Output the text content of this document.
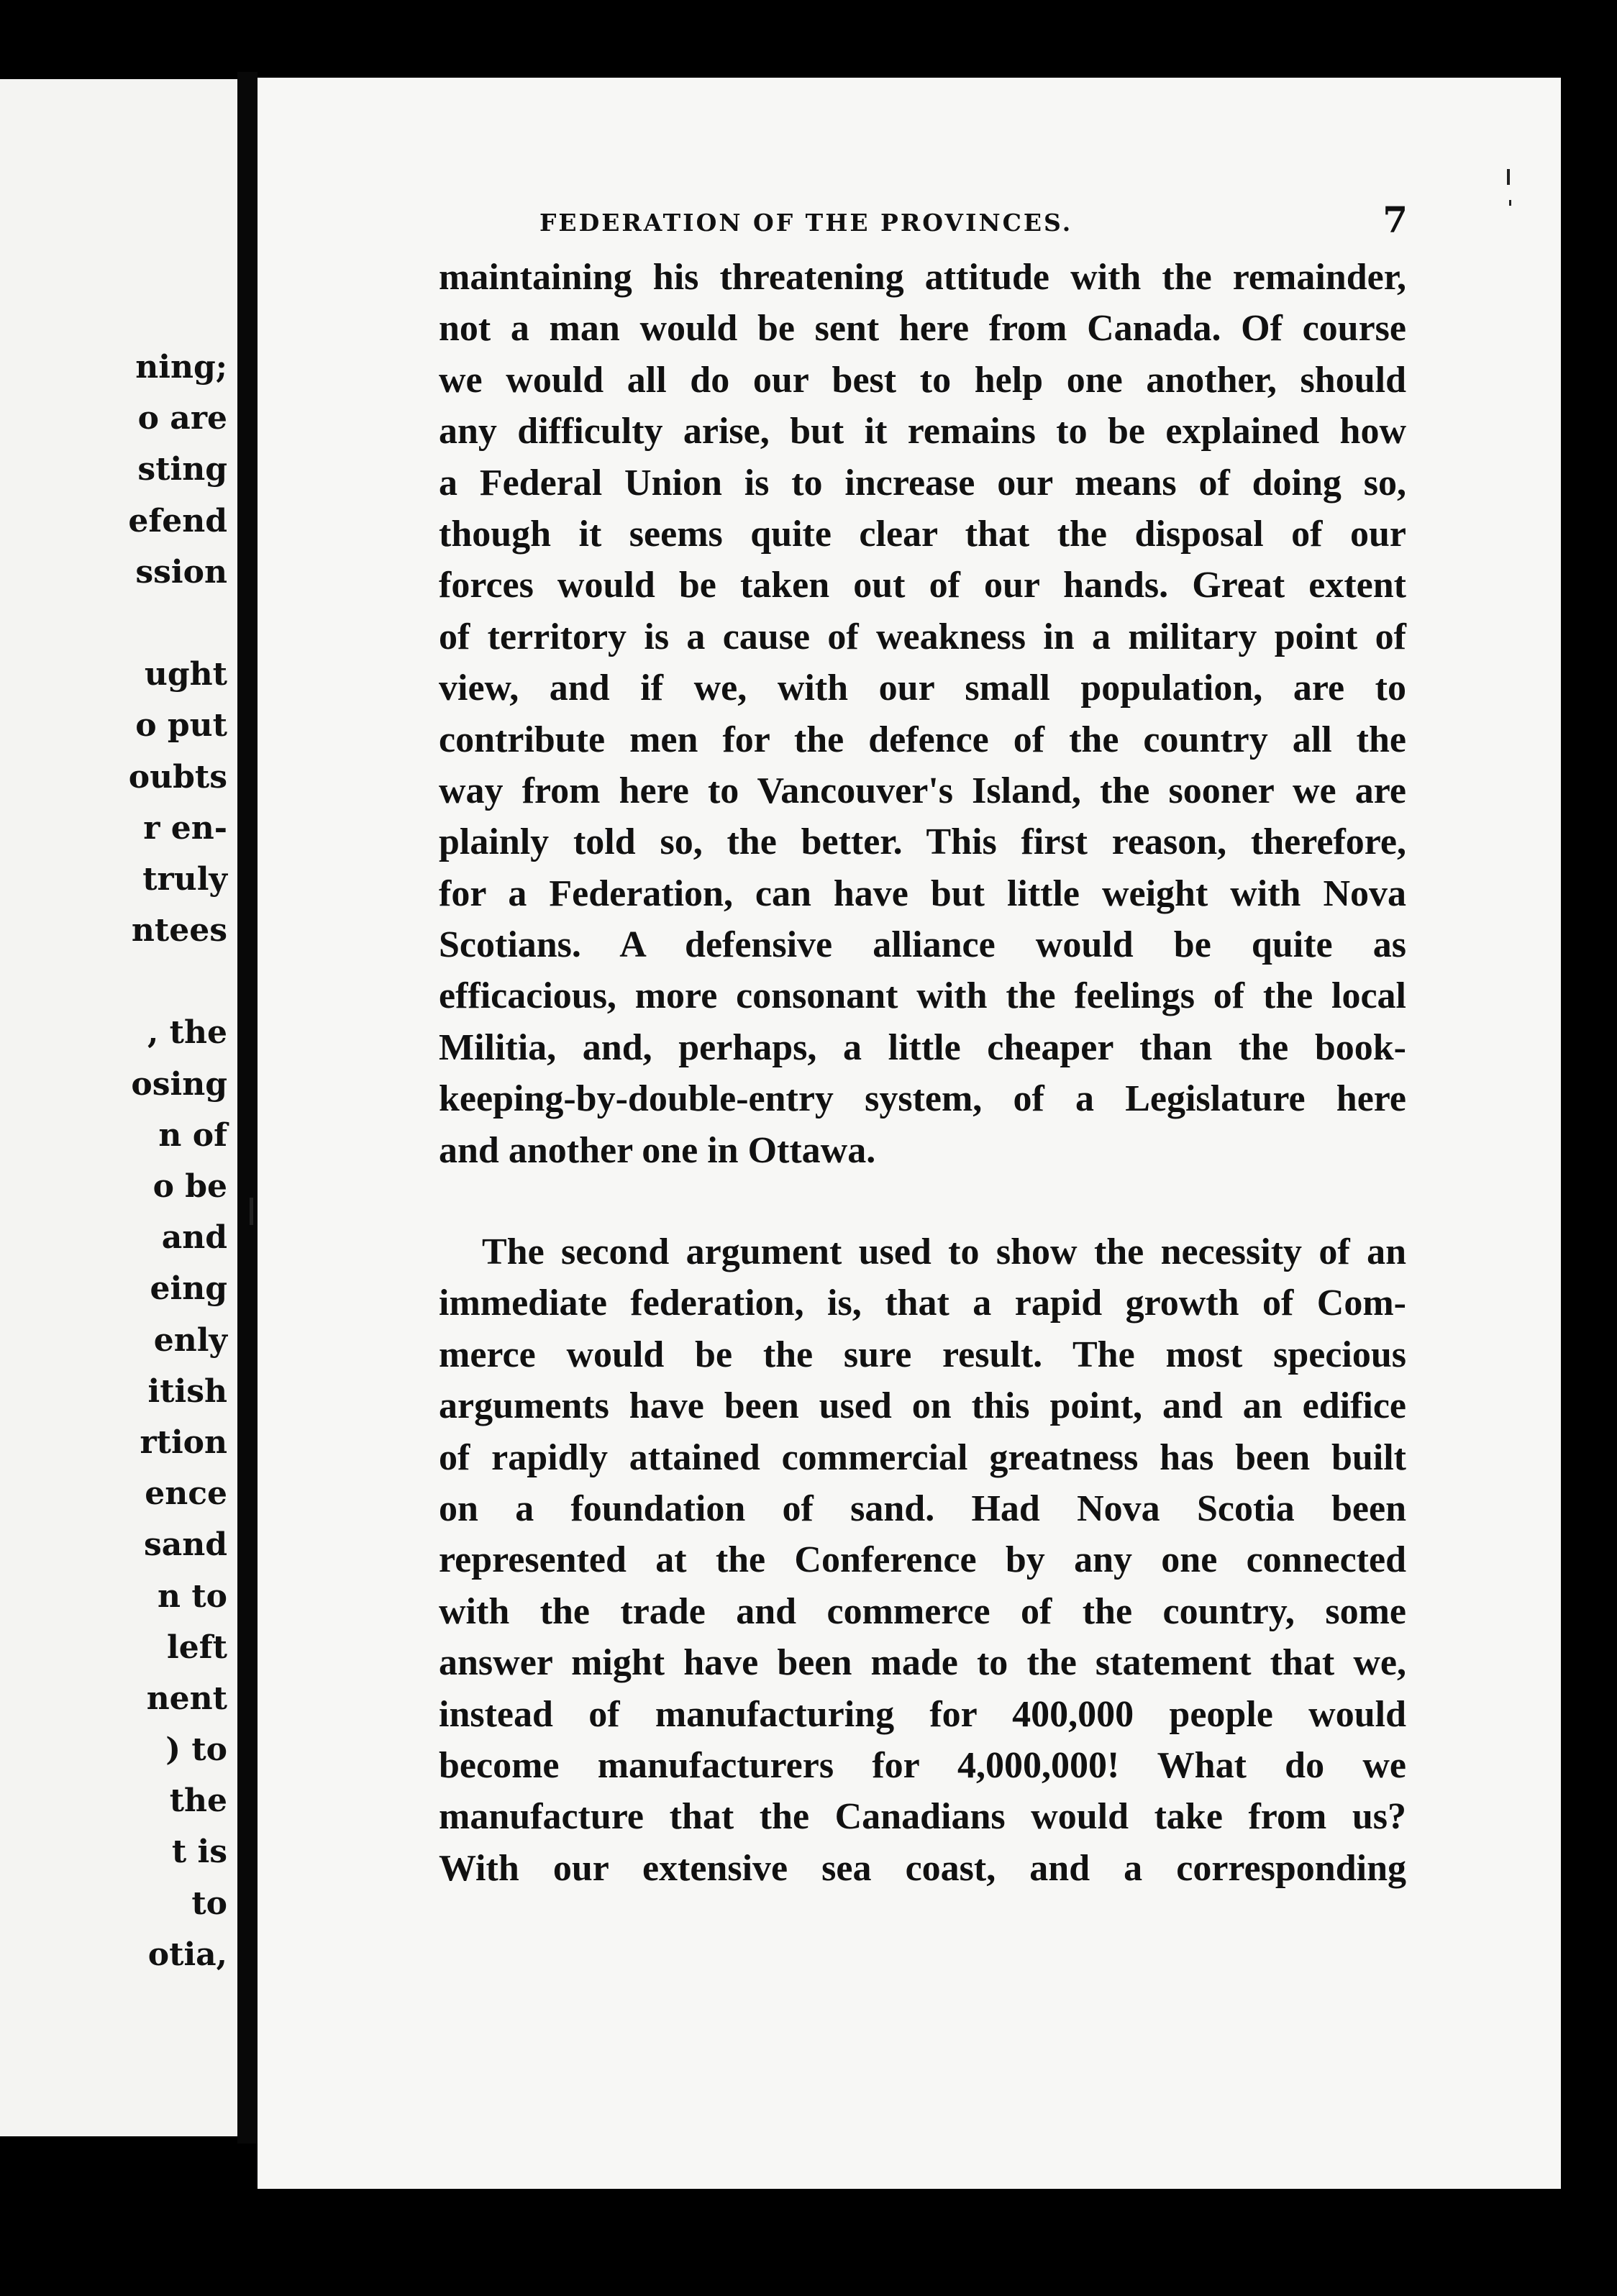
ning;
o are
sting
efend
ssion
ught
o put
oubts
r en-
truly
ntees
, the
osing
n of
o be
and
eing
enly
itish
rtion
ence
sand
n to
left
nent
) to
the
t is
to
otia,
FEDERATION OF THE PROVINCES.	7
maintaining his threatening attitude with the remainder,
not a man would be sent here from Canada. Of course
we would all do our best to help one another, should
any difficulty arise, but it remains to be explained how
a Federal Union is to increase our means of doing so,
though it seems quite clear that the disposal of our
forces would be taken out of our hands. Great extent
of territory is a cause of weakness in a military point of
view, and if we, with our small population, are to
contribute men for the defence of the country all the
way from here to Vancouver's Island, the sooner we are
plainly told so, the better. This first reason, therefore,
for a Federation, can have but little weight with Nova
Scotians. A defensive alliance would be quite as
efficacious, more consonant with the feelings of the local
Militia, and, perhaps, a little cheaper than the book-
keeping-by-double-entry system, of a Legislature here
and another one in Ottawa.
The second argument used to show the necessity of an
immediate federation, is, that a rapid growth of Com-
merce would be the sure result. The most specious
arguments have been used on this point, and an edifice
of rapidly attained commercial greatness has been built
on a foundation of sand. Had Nova Scotia been
represented at the Conference by any one connected
with the trade and commerce of the country, some
answer might have been made to the statement that we,
instead of manufacturing for 400,000 people would
become manufacturers for 4,000,000! What do we
manufacture that the Canadians would take from us?
With our extensive sea coast, and a corresponding
